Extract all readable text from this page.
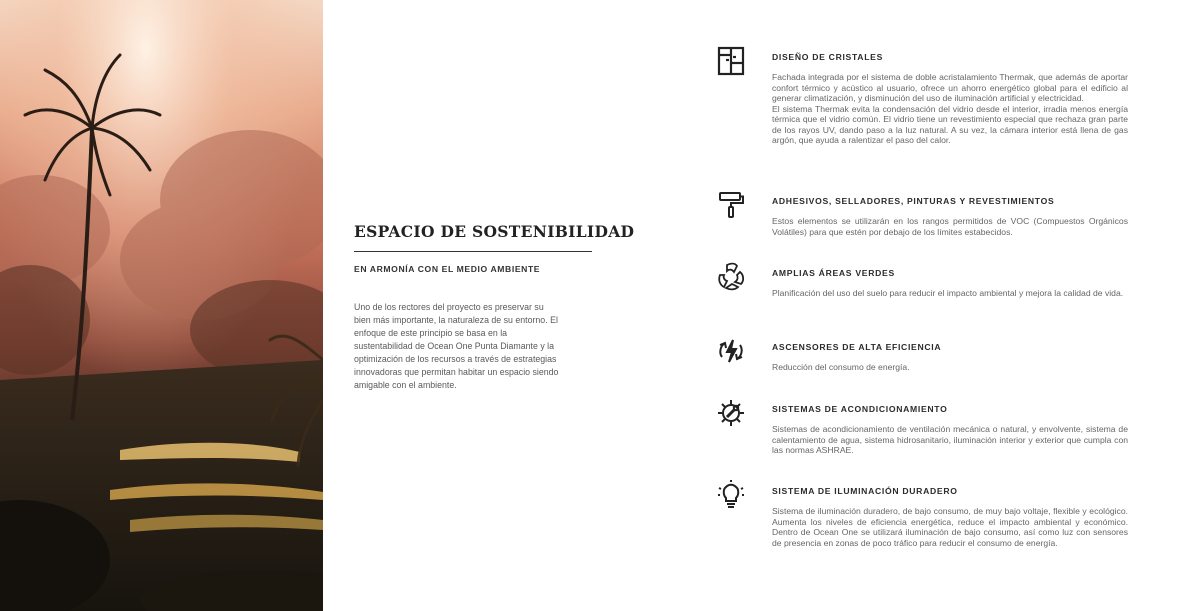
ESPACIO DE SOSTENIBILIDAD
EN ARMONÍA CON EL MEDIO AMBIENTE
Uno de los rectores del proyecto es preservar su bien más importante, la naturaleza de su entorno. El enfoque de este principio se basa en la sustentabilidad de Ocean One Punta Diamante y la optimización de los recursos a través de estrategias innovadoras que permitan habitar un espacio siendo amigable con el ambiente.
DISEÑO DE CRISTALES

Fachada integrada por el sistema de doble acristalamiento Thermak, que además de aportar confort térmico y acústico al usuario, ofrece un ahorro energético global para el edificio al generar climatización, y disminución del uso de iluminación artificial y electricidad.

El sistema Thermak evita la condensación del vidrio desde el interior, irradia menos energía térmica que el vidrio común. El vidrio tiene un revestimiento especial que rechaza gran parte de los rayos UV, dando paso a la luz natural. A su vez, la cámara interior está llena de gas argón, que ayuda a ralentizar el paso del calor.

ADHESIVOS, SELLADORES, PINTURAS Y REVESTIMIENTOS

Estos elementos se utilizarán en los rangos permitidos de VOC (Compuestos Orgánicos Volátiles) para que estén por debajo de los límites estabecidos.

AMPLIAS ÁREAS VERDES

Planificación del uso del suelo para reducir el impacto ambiental y mejora la calidad de vida.

ASCENSORES DE ALTA EFICIENCIA

Reducción del consumo de energía.

SISTEMAS DE ACONDICIONAMIENTO

Sistemas de acondicionamiento de ventilación mecánica o natural, y envolvente, sistema de calentamiento de agua, sistema hidrosanitario, iluminación interior y exterior que cumpla con las normas ASHRAE.

SISTEMA DE ILUMINACIÓN DURADERO

Sistema de iluminación duradero, de bajo consumo, de muy bajo voltaje, flexible y ecológico. Aumenta los niveles de eficiencia energética, reduce el impacto ambiental y económico. Dentro de Ocean One se utilizará iluminación de bajo consumo, así como luz con sensores de presencia en zonas de poco tráfico para reducir el consumo de energía.
